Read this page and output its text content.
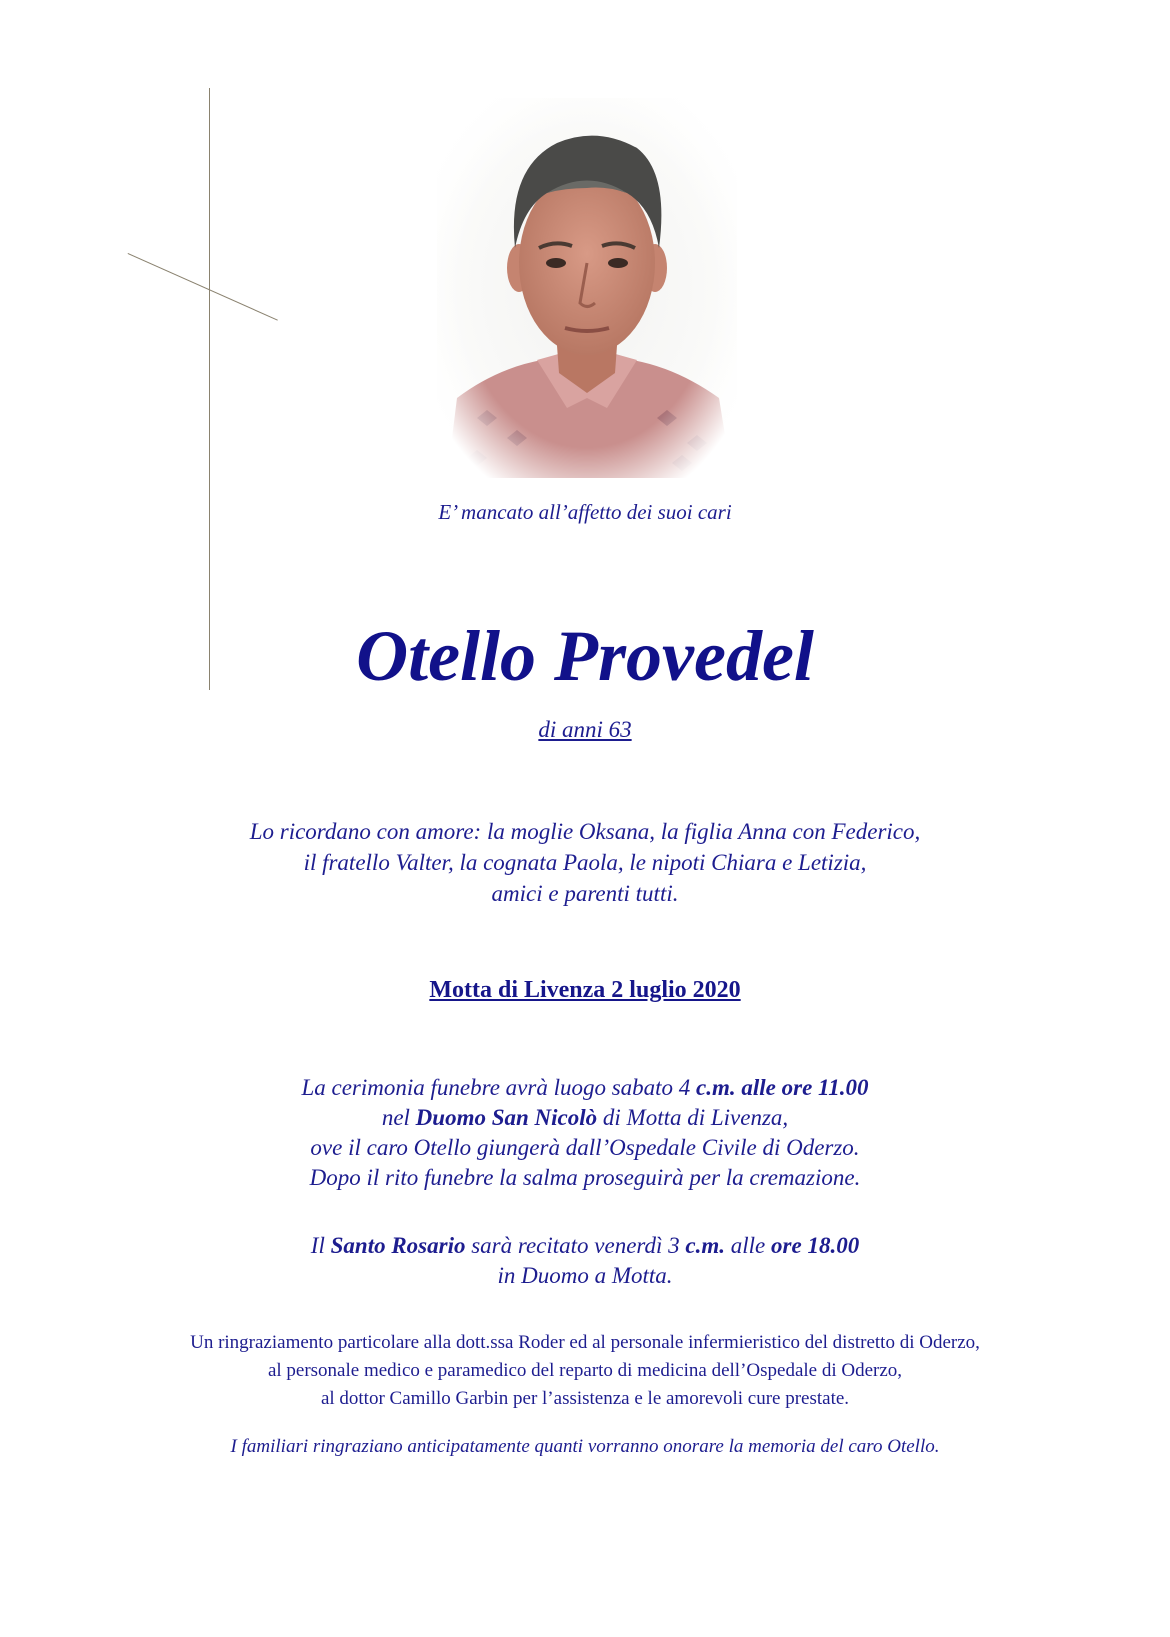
E’ mancato all’affetto dei suoi cari

Otello Provedel

di anni 63

Lo ricordano con amore: la moglie Oksana, la figlia Anna con Federico,
il fratello Valter, la cognata Paola, le nipoti Chiara e Letizia,
amici e parenti tutti.

Motta di Livenza 2 luglio 2020

La cerimonia funebre avrà luogo sabato 4 c.m. alle ore 11.00
nel Duomo San Nicolò di Motta di Livenza,
ove il caro Otello giungerà dall’Ospedale Civile di Oderzo.
Dopo il rito funebre la salma proseguirà per la cremazione.
Il Santo Rosario sarà recitato venerdì 3 c.m. alle ore 18.00
in Duomo a Motta.
Un ringraziamento particolare alla dott.ssa Roder ed al personale infermieristico del distretto di Oderzo,
al personale medico e paramedico del reparto di medicina dell’Ospedale di Oderzo,
al dottor Camillo Garbin per l’assistenza e le amorevoli cure prestate.

I familiari ringraziano anticipatamente quanti vorranno onorare la memoria del caro Otello.
